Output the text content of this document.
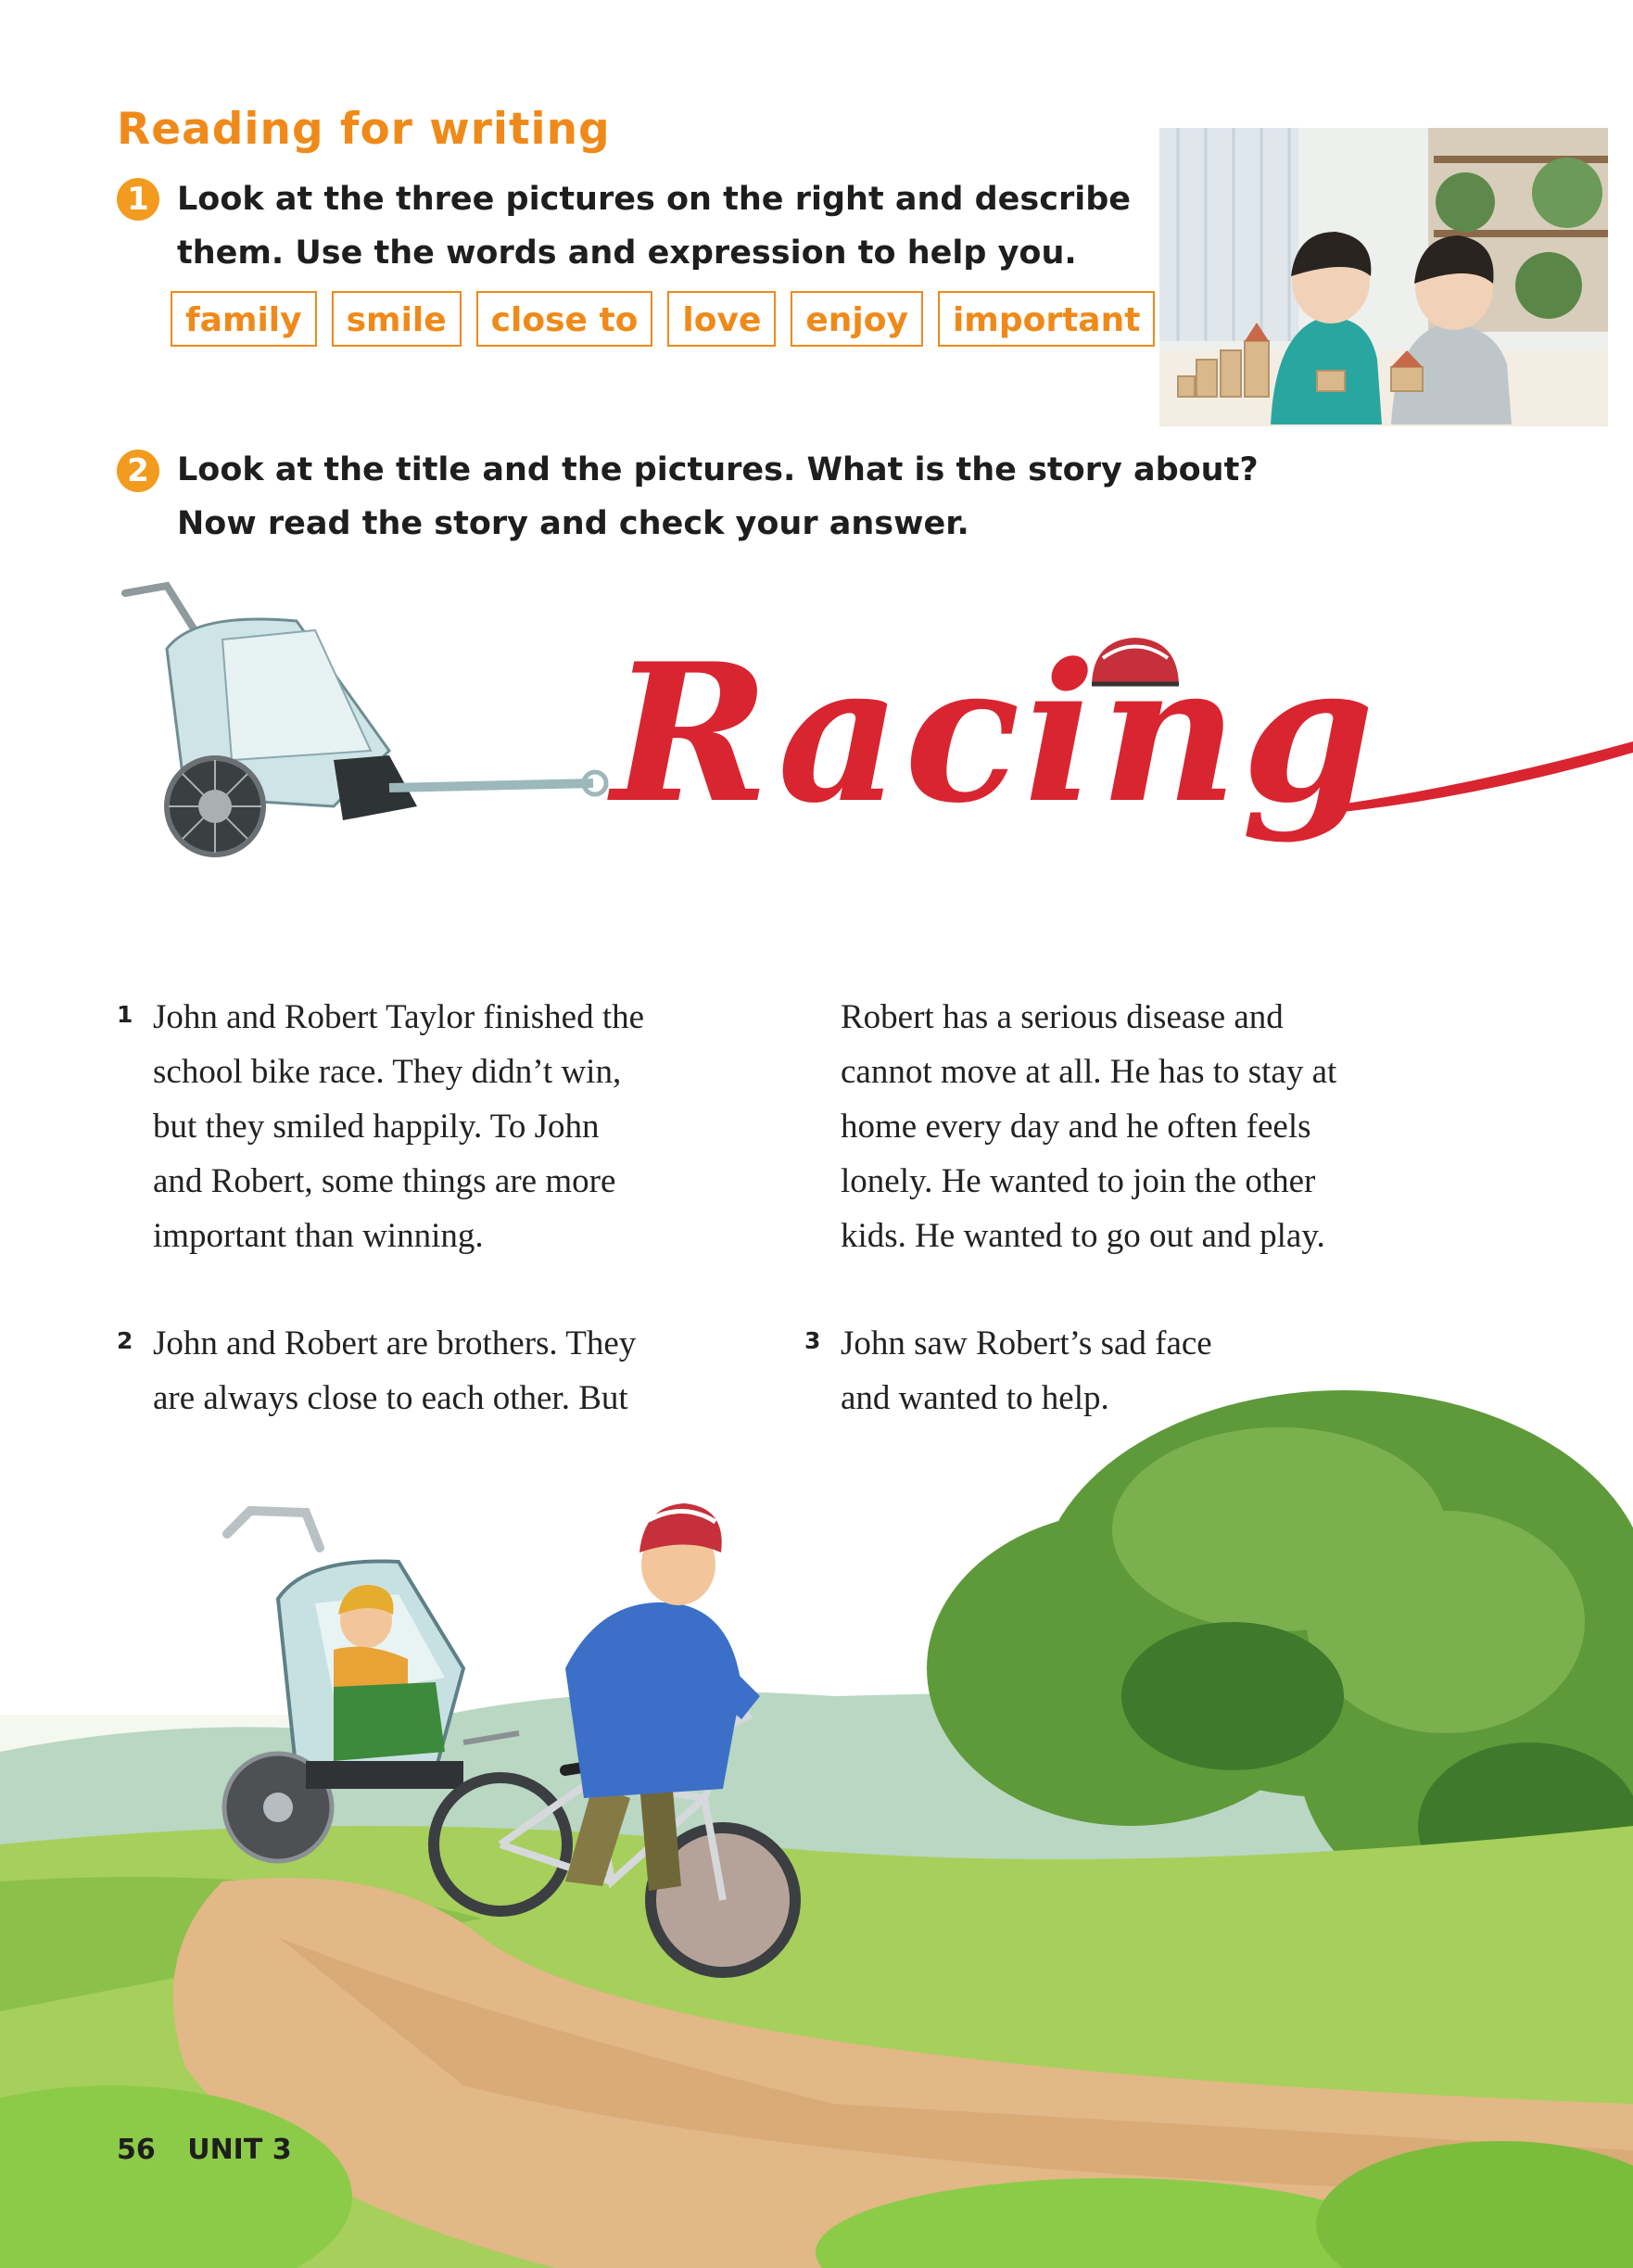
Reading for writing
1 Look at the three pictures on the right and describe
them. Use the words and expression to help you.
family	smile	close to	love	enjoy	important
2 Look at the title and the pictures. What is the story about?
Now read the story and check your answer.
Racing
1 John and Robert Taylor finished the
school bike race. They didn’t win,
but they smiled happily. To John
and Robert, some things are more
important than winning.
2 John and Robert are brothers. They
are always close to each other. But
Robert has a serious disease and
cannot move at all. He has to stay at
home every day and he often feels
lonely. He wanted to join the other
kids. He wanted to go out and play.
3 John saw Robert’s sad face
and wanted to help.
56 UNIT 3
